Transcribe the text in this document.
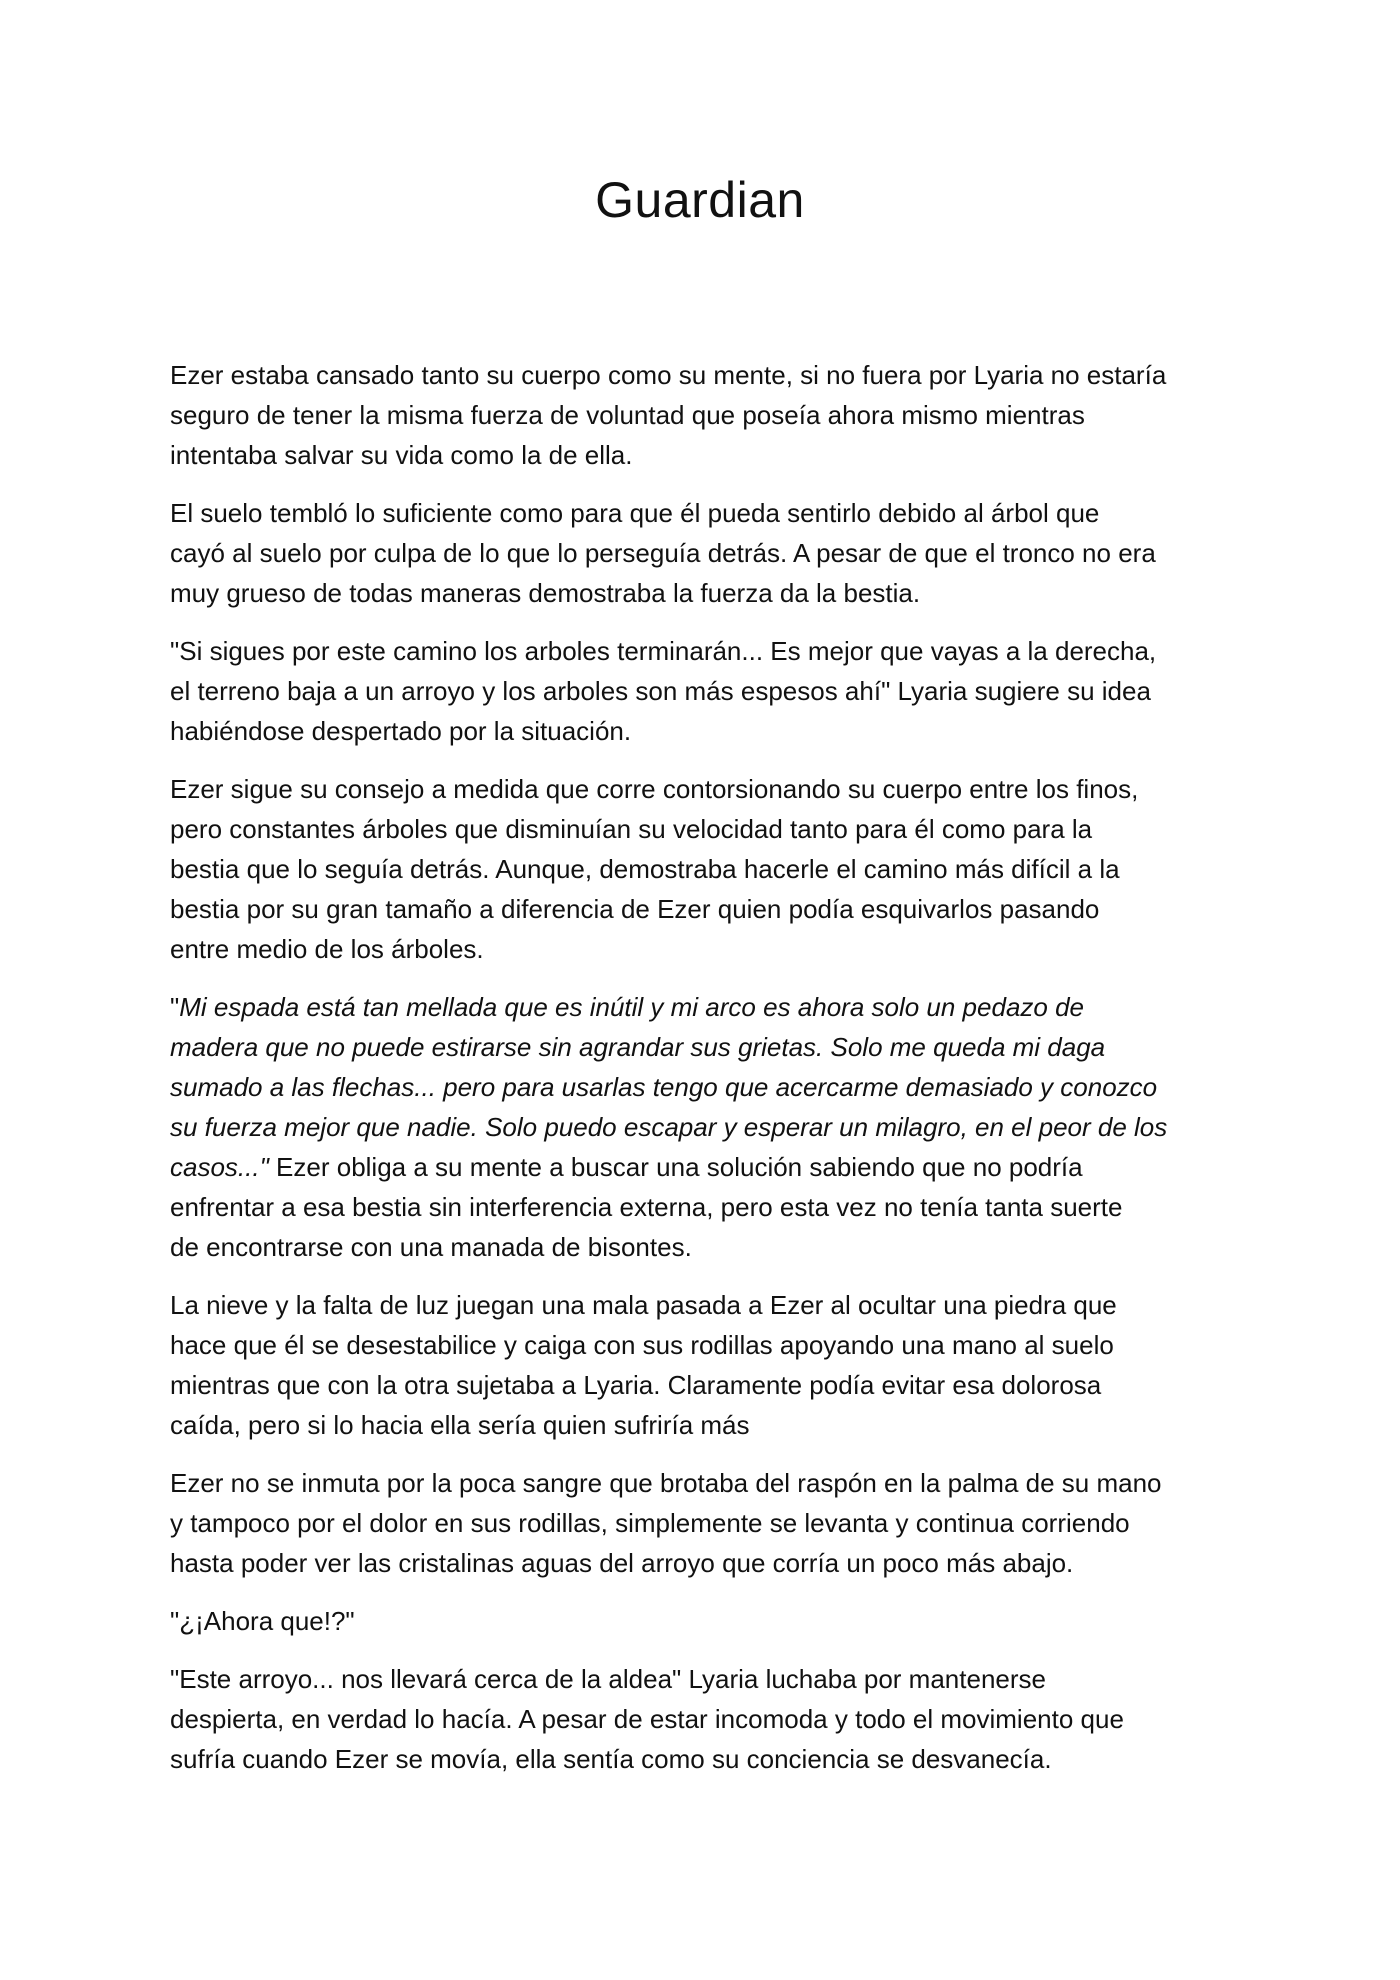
Guardian

Ezer estaba cansado tanto su cuerpo como su mente, si no fuera por Lyaria no estaría
seguro de tener la misma fuerza de voluntad que poseía ahora mismo mientras
intentaba salvar su vida como la de ella.

El suelo tembló lo suficiente como para que él pueda sentirlo debido al árbol que
cayó al suelo por culpa de lo que lo perseguía detrás. A pesar de que el tronco no era
muy grueso de todas maneras demostraba la fuerza da la bestia.

"Si sigues por este camino los arboles terminarán... Es mejor que vayas a la derecha,
el terreno baja a un arroyo y los arboles son más espesos ahí" Lyaria sugiere su idea
habiéndose despertado por la situación.

Ezer sigue su consejo a medida que corre contorsionando su cuerpo entre los finos,
pero constantes árboles que disminuían su velocidad tanto para él como para la
bestia que lo seguía detrás. Aunque, demostraba hacerle el camino más difícil a la
bestia por su gran tamaño a diferencia de Ezer quien podía esquivarlos pasando
entre medio de los árboles.

"Mi espada está tan mellada que es inútil y mi arco es ahora solo un pedazo de
madera que no puede estirarse sin agrandar sus grietas. Solo me queda mi daga
sumado a las flechas... pero para usarlas tengo que acercarme demasiado y conozco
su fuerza mejor que nadie. Solo puedo escapar y esperar un milagro, en el peor de los
casos..." Ezer obliga a su mente a buscar una solución sabiendo que no podría
enfrentar a esa bestia sin interferencia externa, pero esta vez no tenía tanta suerte
de encontrarse con una manada de bisontes.

La nieve y la falta de luz juegan una mala pasada a Ezer al ocultar una piedra que
hace que él se desestabilice y caiga con sus rodillas apoyando una mano al suelo
mientras que con la otra sujetaba a Lyaria. Claramente podía evitar esa dolorosa
caída, pero si lo hacia ella sería quien sufriría más

Ezer no se inmuta por la poca sangre que brotaba del raspón en la palma de su mano
y tampoco por el dolor en sus rodillas, simplemente se levanta y continua corriendo
hasta poder ver las cristalinas aguas del arroyo que corría un poco más abajo.

"¿¡Ahora que!?"

"Este arroyo... nos llevará cerca de la aldea" Lyaria luchaba por mantenerse
despierta, en verdad lo hacía. A pesar de estar incomoda y todo el movimiento que
sufría cuando Ezer se movía, ella sentía como su conciencia se desvanecía.
